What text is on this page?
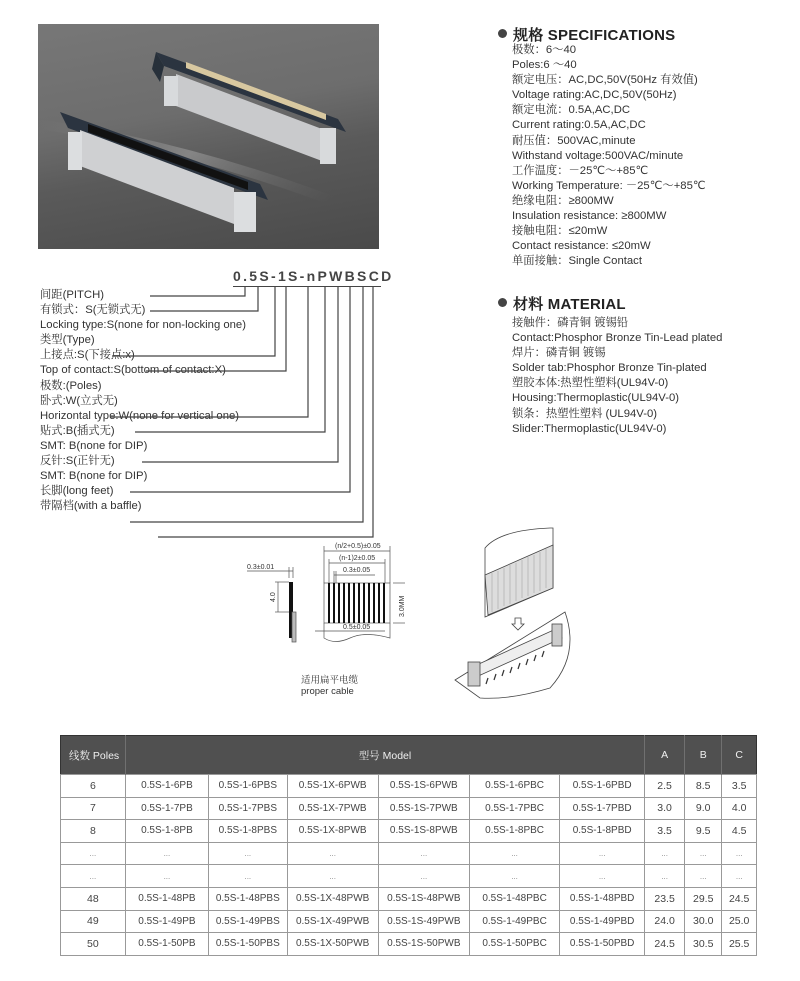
规格 SPECIFICATIONS
极数：6～40
Poles:6 ～40
额定电压：AC,DC,50V(50Hz 有效值)
Voltage rating:AC,DC,50V(50Hz)
额定电流：0.5A,AC,DC
Current rating:0.5A,AC,DC
耐压值：500VAC,minute
Withstand voltage:500VAC/minute
工作温度：－25℃～+85℃
Working Temperature: －25℃～+85℃
绝缘电阻：≥800MW
Insulation resistance: ≥800MW
接触电阻：≤20mW
Contact resistance: ≤20mW
单面接触：Single Contact
材料 MATERIAL
接触件：磷青铜 镀锡铅
Contact:Phosphor Bronze Tin-Lead plated
焊片：磷青铜 镀锡
Solder tab:Phosphor Bronze Tin-plated
塑胶本体:热塑性塑料(UL94V-0)
Housing:Thermoplastic(UL94V-0)
锁条：热塑性塑料 (UL94V-0)
Slider:Thermoplastic(UL94V-0)
0.5S-1S-nPWBSCD
间距(PITCH)
有锁式：S(无锁式无)
Locking type:S(none for non-locking one)
类型(Type)
上接点:S(下接点:x)
Top of contact:S(bottom of contact:X)
极数:(Poles)
卧式:W(立式无)
Horizontal type:W(none for vertical one)
贴式:B(插式无)
SMT: B(none for DIP)
反针:S(正针无)
SMT: B(none for DIP)
长脚(long feet)
带隔档(with a baffle)
0.3±0.01
4.0
(n/2+0.5)±0.05
(n-1)2±0.05
0.3±0.05
0.5±0.05
3.0MM
适用扁平电缆
proper cable
线数 Poles	型号 Model						A	B	C
6	0.5S-1-6PB	0.5S-1-6PBS	0.5S-1X-6PWB	0.5S-1S-6PWB	0.5S-1-6PBC	0.5S-1-6PBD	2.5	8.5	3.5
7	0.5S-1-7PB	0.5S-1-7PBS	0.5S-1X-7PWB	0.5S-1S-7PWB	0.5S-1-7PBC	0.5S-1-7PBD	3.0	9.0	4.0
8	0.5S-1-8PB	0.5S-1-8PBS	0.5S-1X-8PWB	0.5S-1S-8PWB	0.5S-1-8PBC	0.5S-1-8PBD	3.5	9.5	4.5
...	...	...	...	...	...	...	...	...	...
...	...	...	...	...	...	...	...	...	...
48	0.5S-1-48PB	0.5S-1-48PBS	0.5S-1X-48PWB	0.5S-1S-48PWB	0.5S-1-48PBC	0.5S-1-48PBD	23.5	29.5	24.5
49	0.5S-1-49PB	0.5S-1-49PBS	0.5S-1X-49PWB	0.5S-1S-49PWB	0.5S-1-49PBC	0.5S-1-49PBD	24.0	30.0	25.0
50	0.5S-1-50PB	0.5S-1-50PBS	0.5S-1X-50PWB	0.5S-1S-50PWB	0.5S-1-50PBC	0.5S-1-50PBD	24.5	30.5	25.5
